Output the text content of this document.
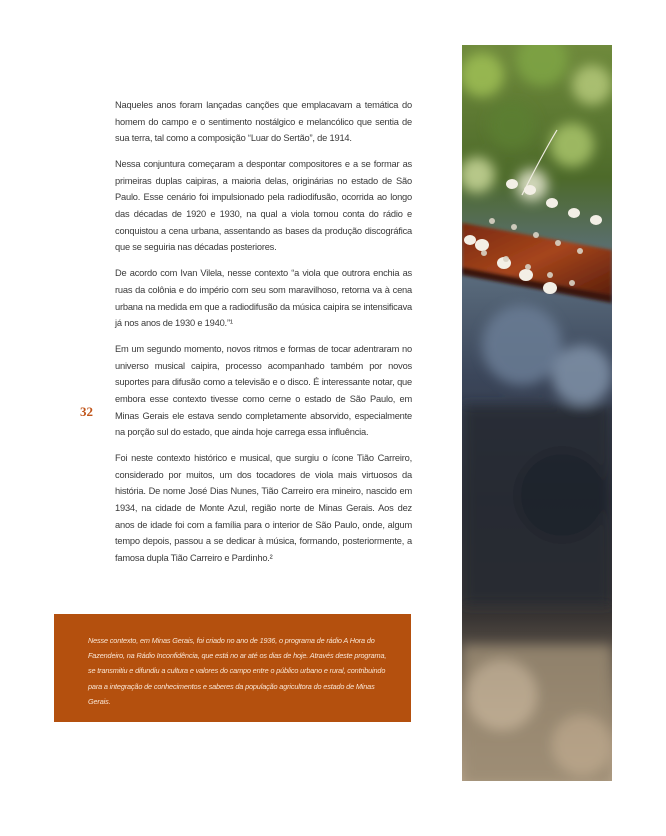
Naqueles anos foram lançadas canções que emplacavam a temática do homem do campo e o sentimento nostálgico e melancólico que sentia de sua terra, tal como a composição “Luar do Sertão”, de 1914.

Nessa conjuntura começaram a despontar compositores e a se formar as primeiras duplas caipiras, a maioria delas, originárias no estado de São Paulo. Esse cenário foi impulsionado pela radiodifusão, ocorrida ao longo das décadas de 1920 e 1930, na qual a viola tomou conta do rádio e conquistou a cena urbana, assentando as bases da produção discográfica que se seguiria nas décadas posteriores.

De acordo com Ivan Vilela, nesse contexto “a viola que outrora enchia as ruas da colônia e do império com seu som maravilhoso, retorna va à cena urbana na medida em que a radiodifusão da música caipira se intensificava já nos anos de 1930 e 1940.”¹

Em um segundo momento, novos ritmos e formas de tocar adentraram no universo musical caipira, processo acompanhado também por novos suportes para difusão como a televisão e o disco. É interessante notar, que embora esse contexto tivesse como cerne o estado de São Paulo, em Minas Gerais ele estava sendo completamente absorvido, especialmente na porção sul do estado, que ainda hoje carrega essa influência.

Foi neste contexto histórico e musical, que surgiu o ícone Tião Carreiro, considerado por muitos, um dos tocadores de viola mais virtuosos da história. De nome José Dias Nunes, Tião Carreiro era mineiro, nascido em 1934, na cidade de Monte Azul, região norte de Minas Gerais. Aos dez anos de idade foi com a família para o interior de São Paulo, onde, algum tempo depois, passou a se dedicar à música, formando, posteriormente, a famosa dupla Tião Carreiro e Pardinho.²

32

Nesse contexto, em Minas Gerais, foi criado no ano de 1936, o programa de rádio A Hora do Fazendeiro, na Rádio Inconfidência, que está no ar até os dias de hoje. Através deste programa, se transmitiu e difundiu a cultura e valores do campo entre o público urbano e rural, contribuindo para a integração de conhecimentos e saberes da população agricultora do estado de Minas Gerais.
